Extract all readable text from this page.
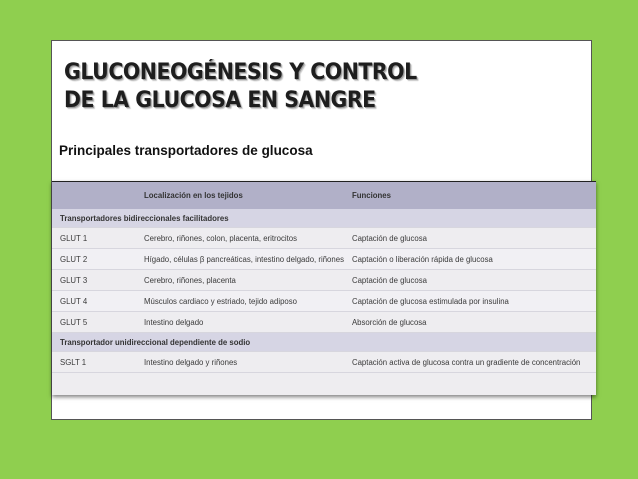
GLUCONEOGÉNESIS Y CONTROL
DE LA GLUCOSA EN SANGRE
Principales transportadores de glucosa
	Localización en los tejidos	Funciones
Transportadores bidireccionales facilitadores		
GLUT 1	Cerebro, riñones, colon, placenta, eritrocitos	Captación de glucosa
GLUT 2	Hígado, células β pancreáticas, intestino delgado, riñones	Captación o liberación rápida de glucosa
GLUT 3	Cerebro, riñones, placenta	Captación de glucosa
GLUT 4	Músculos cardiaco y estriado, tejido adiposo	Captación de glucosa estimulada por insulina
GLUT 5	Intestino delgado	Absorción de glucosa
Transportador unidireccional dependiente de sodio		
SGLT 1	Intestino delgado y riñones	Captación activa de glucosa contra un gradiente de concentración
